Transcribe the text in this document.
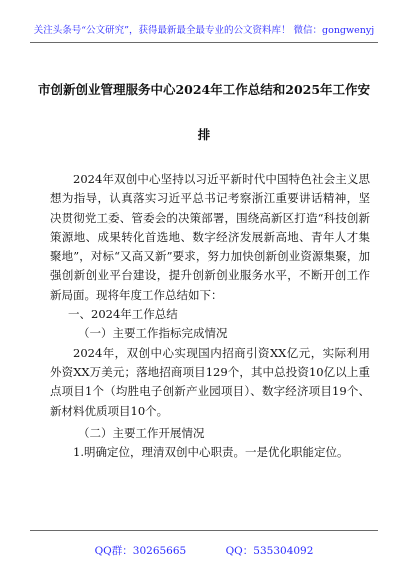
关注头条号“公文研究”，获得最新最全最专业的公文资料库！ 微信：gongwenyj
市创新创业管理服务中心2024年工作总结和2025年工作安
排

2024年双创中心坚持以习近平新时代中国特色社会主义思想为指导，认真落实习近平总书记考察浙江重要讲话精神，坚决贯彻党工委、管委会的决策部署，围绕高新区打造“科技创新策源地、成果转化首选地、数字经济发展新高地、青年人才集聚地”，对标“又高又新”要求，努力加快创新创业资源集聚，加强创新创业平台建设，提升创新创业服务水平，不断开创工作新局面。现将年度工作总结如下：

一、2024年工作总结

（一）主要工作指标完成情况

2024年，双创中心实现国内招商引资XX亿元，实际利用外资XX万美元；落地招商项目129个，其中总投资10亿以上重点项目1个（均胜电子创新产业园项目）、数字经济项目19个、新材料优质项目10个。

（二）主要工作开展情况

1.明确定位，理清双创中心职责。一是优化职能定位。

QQ群：30265665	QQ：535304092
